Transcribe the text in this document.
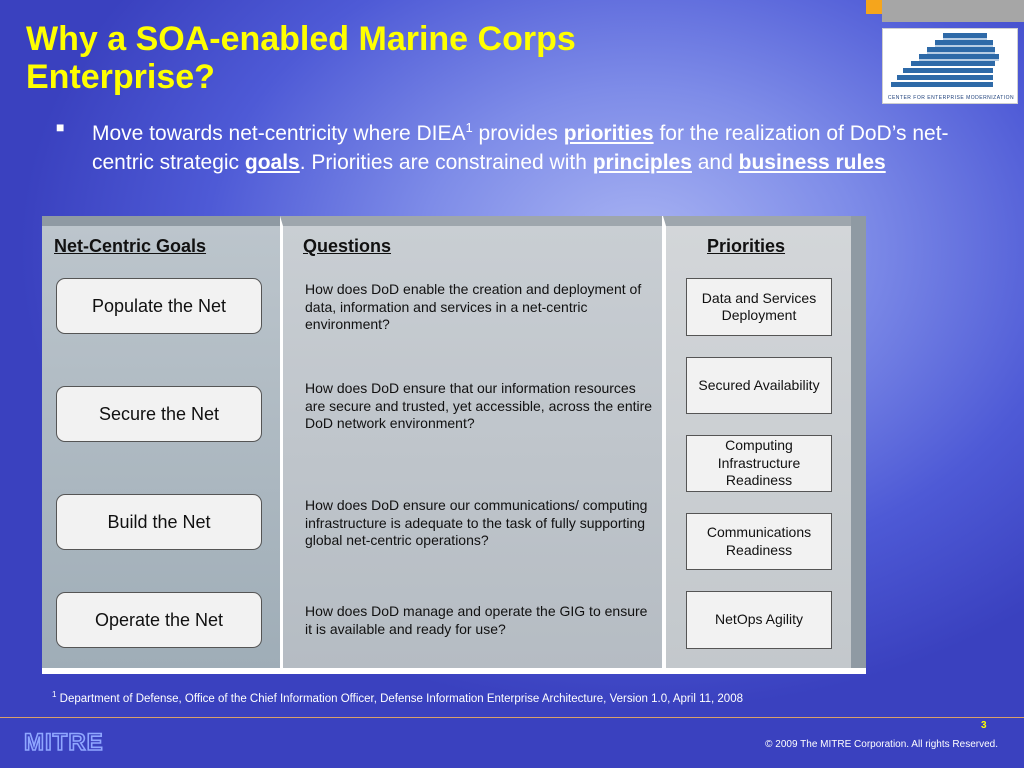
Why a SOA-enabled Marine Corps Enterprise?
CENTER FOR ENTERPRISE MODERNIZATION
■ Move towards net-centricity where DIEA$^1$ provides priorities for the realization of DoD’s net-centric strategic goals. Priorities are constrained with principles and business rules
Net-Centric Goals
Populate the Net
Secure the Net
Build the Net
Operate the Net
Questions
How does DoD enable the creation and deployment of data, information and services in a net-centric environment?
How does DoD ensure that our information resources are secure and trusted, yet accessible, across the entire DoD network environment?
How does DoD ensure our communications/ computing infrastructure is adequate to the task of fully supporting global net-centric operations?
How does DoD manage and operate the GIG to ensure it is available and ready for use?
Priorities
Data and Services Deployment
Secured Availability
Computing Infrastructure Readiness
Communications Readiness
NetOps Agility
$^1$ Department of Defense, Office of the Chief Information Officer, Defense Information Enterprise Architecture, Version 1.0, April 11, 2008
3
MITRE	© 2009 The MITRE Corporation. All rights Reserved.
